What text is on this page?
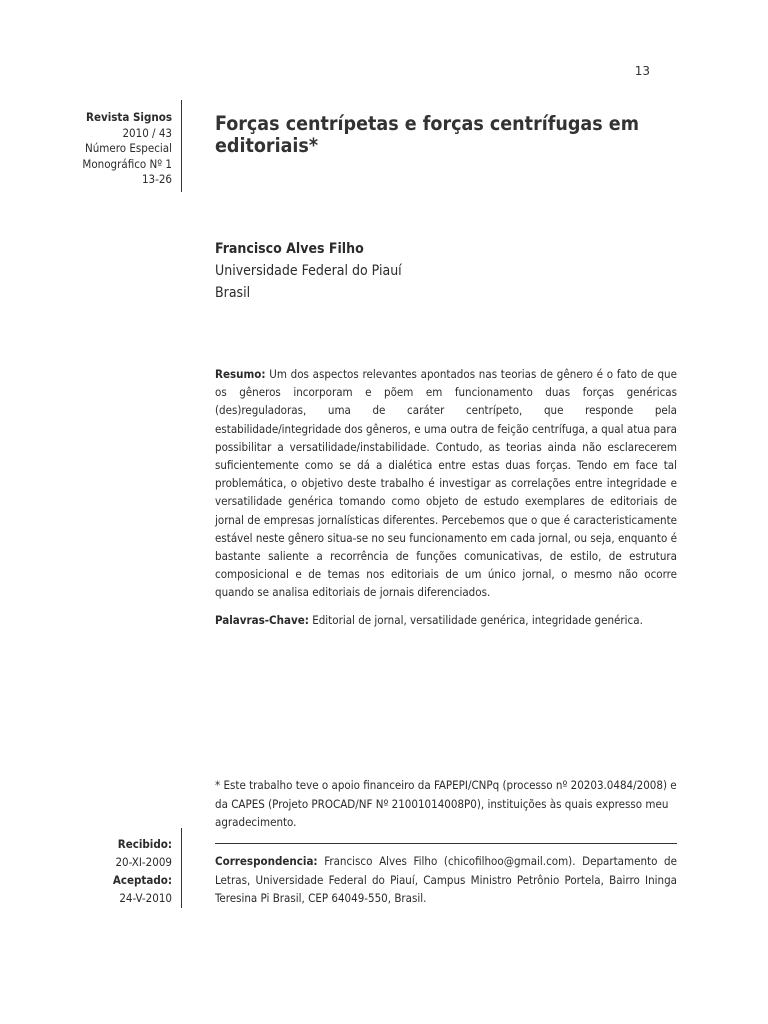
13
Revista Signos
2010 / 43
Número Especial
Monográfico Nº 1
13-26
Forças centrípetas e forças centrífugas em editoriais*
Francisco Alves Filho
Universidade Federal do Piauí
Brasil

Resumo: Um dos aspectos relevantes apontados nas teorias de gênero é o fato de que os gêneros incorporam e põem em funcionamento duas forças genéricas (des)reguladoras, uma de caráter centrípeto, que responde pela estabilidade/integridade dos gêneros, e uma outra de feição centrífuga, a qual atua para possibilitar a versatilidade/instabilidade. Contudo, as teorias ainda não esclarecerem suficientemente como se dá a dialética entre estas duas forças. Tendo em face tal problemática, o objetivo deste trabalho é investigar as correlações entre integridade e versatilidade genérica tomando como objeto de estudo exemplares de editoriais de jornal de empresas jornalísticas diferentes. Percebemos que o que é caracteristicamente estável neste gênero situa-se no seu funcionamento em cada jornal, ou seja, enquanto é bastante saliente a recorrência de funções comunicativas, de estilo, de estrutura composicional e de temas nos editoriais de um único jornal, o mesmo não ocorre quando se analisa editoriais de jornais diferenciados.

Palavras-Chave: Editorial de jornal, versatilidade genérica, integridade genérica.

* Este trabalho teve o apoio financeiro da FAPEPI/CNPq (processo nº 20203.0484/2008) e da CAPES (Projeto PROCAD/NF Nº 21001014008P0), instituições às quais expresso meu agradecimento.

Recibido:
20-XI-2009
Aceptado:
24-V-2010

Correspondencia: Francisco Alves Filho (chicofilhoo@gmail.com). Departamento de Letras, Universidade Federal do Piauí, Campus Ministro Petrônio Portela, Bairro Ininga Teresina Pi Brasil, CEP 64049-550, Brasil.
